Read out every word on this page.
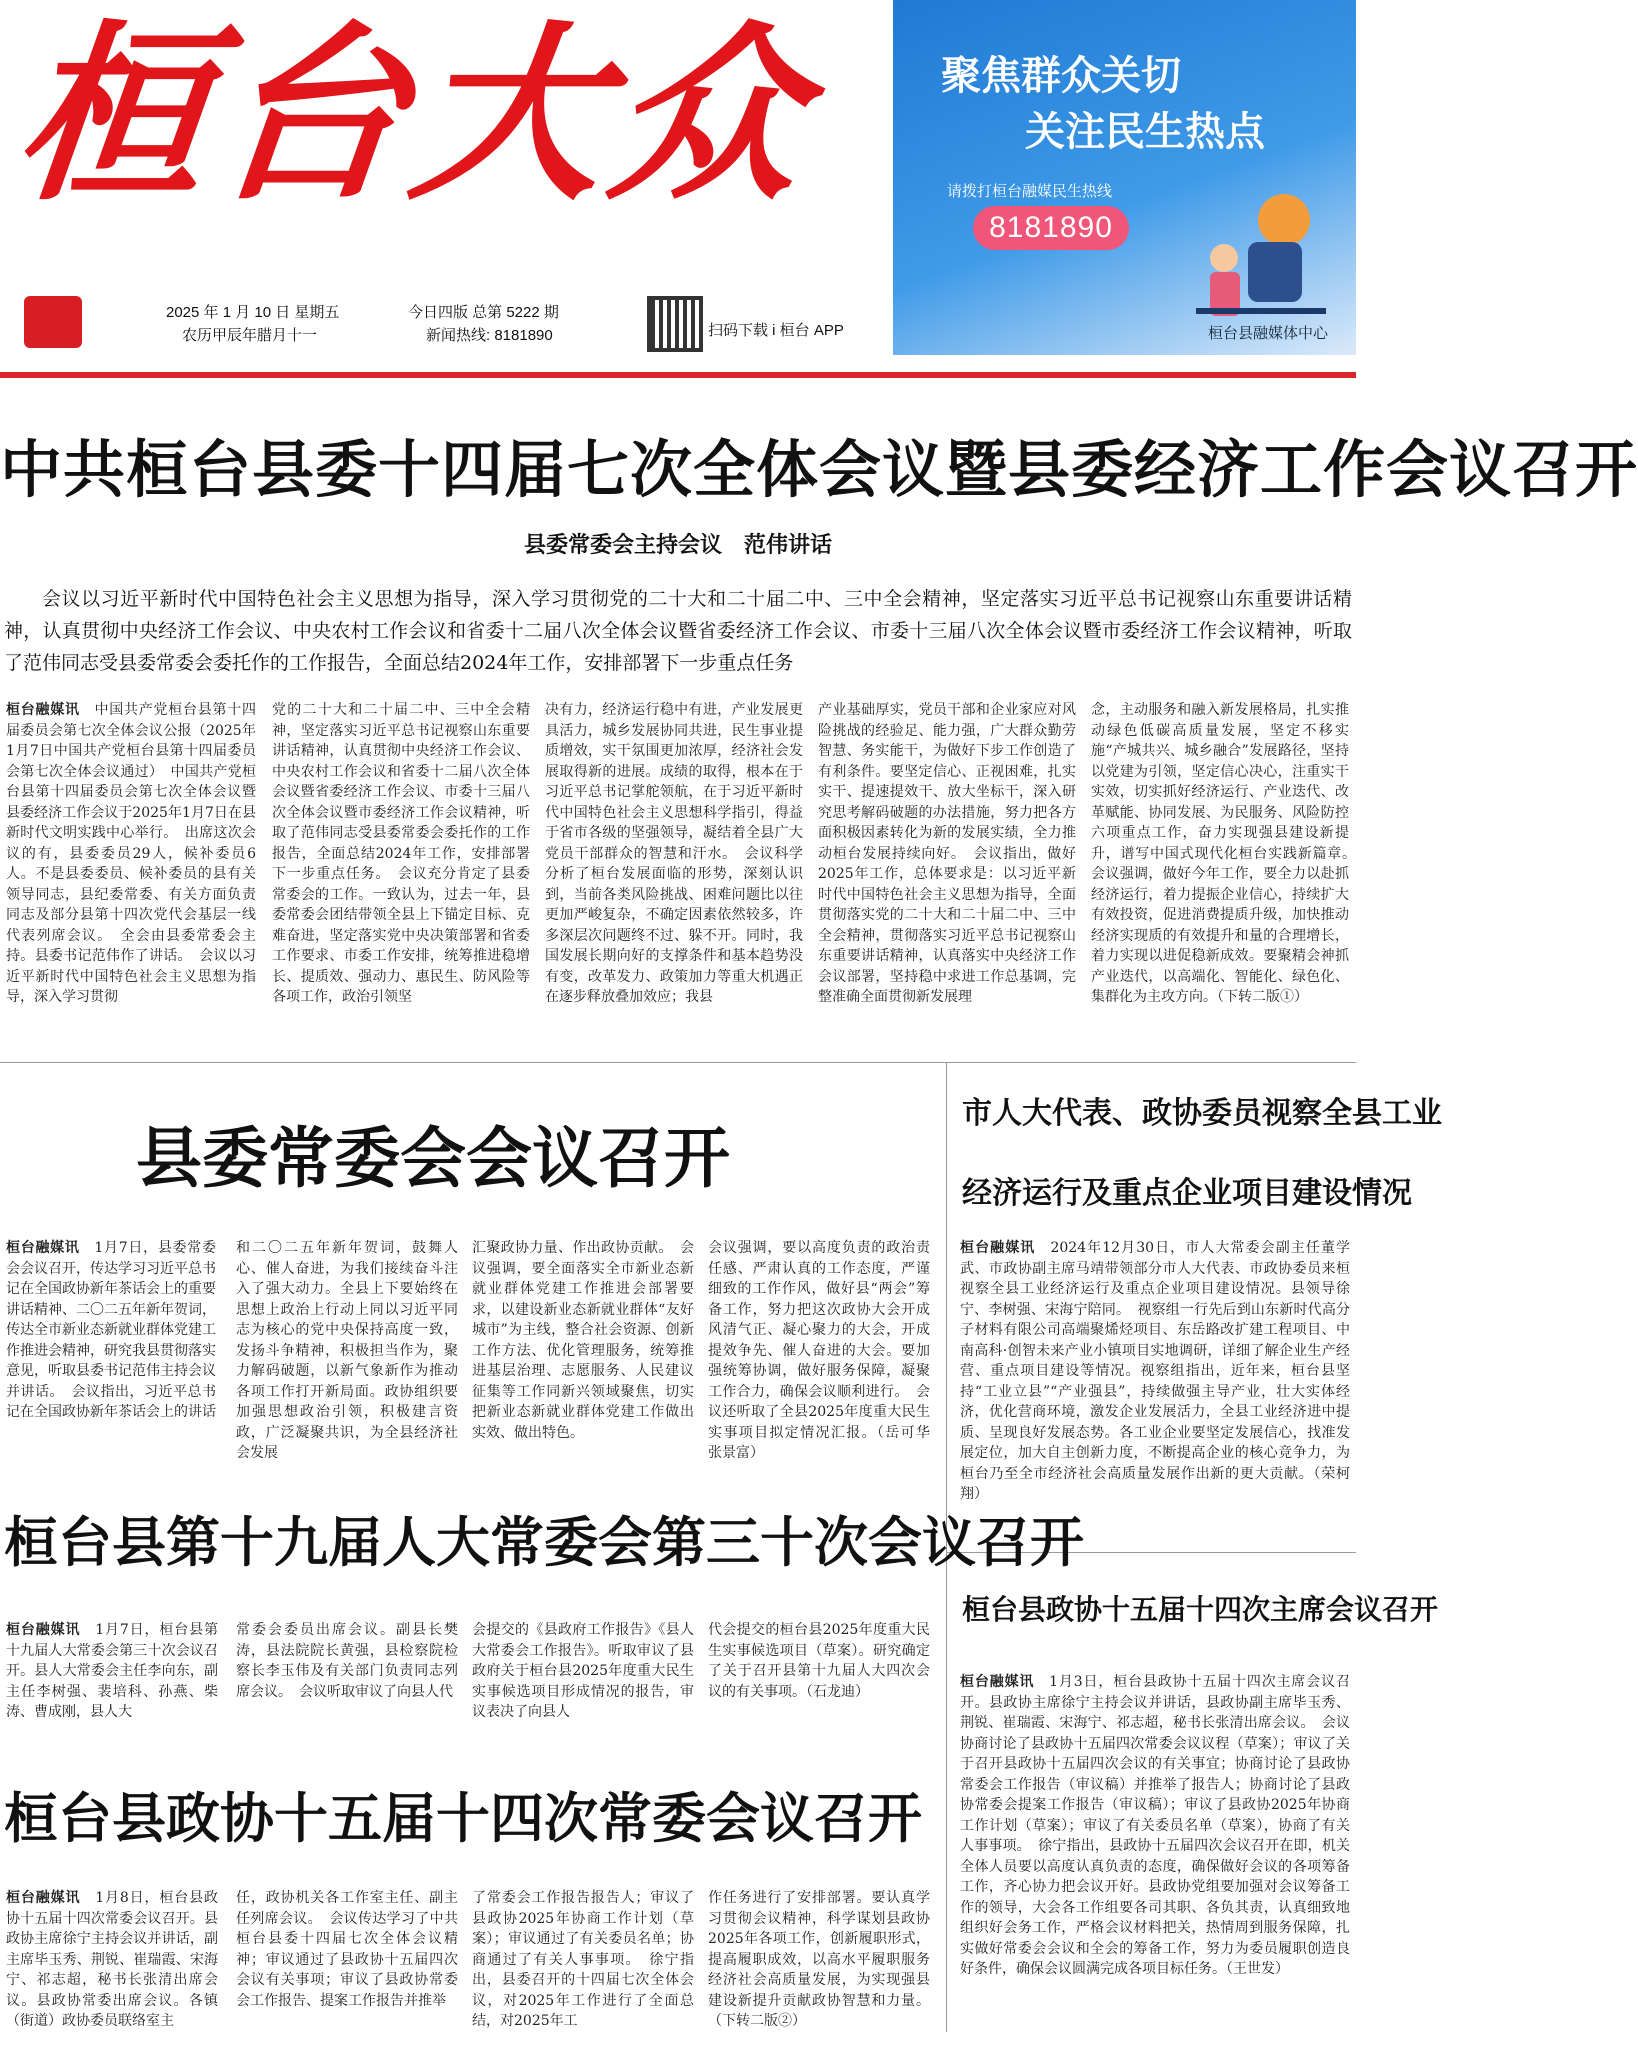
桓台大众	聚焦群众关切
关注民生热点
请拨打桓台融媒民生热线
8181890
桓台县融媒体中心
2025 年 1 月 10 日 星期五
农历甲辰年腊月十一
今日四版 总第 5222 期
新闻热线: 8181890	扫码下载 i 桓台 APP
中共桓台县委十四届七次全体会议暨县委经济工作会议召开
县委常委会主持会议　范伟讲话
会议以习近平新时代中国特色社会主义思想为指导，深入学习贯彻党的二十大和二十届二中、三中全会精神，坚定落实习近平总书记视察山东重要讲话精神，认真贯彻中央经济工作会议、中央农村工作会议和省委十二届八次全体会议暨省委经济工作会议、市委十三届八次全体会议暨市委经济工作会议精神，听取了范伟同志受县委常委会委托作的工作报告，全面总结2024年工作，安排部署下一步重点任务
桓台融媒讯　中国共产党桓台县第十四届委员会第七次全体会议公报（2025年1月7日中国共产党桓台县第十四届委员会第七次全体会议通过）　中国共产党桓台县第十四届委员会第七次全体会议暨县委经济工作会议于2025年1月7日在县新时代文明实践中心举行。　出席这次会议的有，县委委员29人，候补委员6人。不是县委委员、候补委员的县有关领导同志，县纪委常委、有关方面负责同志及部分县第十四次党代会基层一线代表列席会议。　全会由县委常委会主持。县委书记范伟作了讲话。　会议以习近平新时代中国特色社会主义思想为指导，深入学习贯彻
党的二十大和二十届二中、三中全会精神，坚定落实习近平总书记视察山东重要讲话精神，认真贯彻中央经济工作会议、中央农村工作会议和省委十二届八次全体会议暨省委经济工作会议、市委十三届八次全体会议暨市委经济工作会议精神，听取了范伟同志受县委常委会委托作的工作报告，全面总结2024年工作，安排部署下一步重点任务。　会议充分肯定了县委常委会的工作。一致认为，过去一年，县委常委会团结带领全县上下锚定目标、克难奋进，坚定落实党中央决策部署和省委工作要求、市委工作安排，统筹推进稳增长、提质效、强动力、惠民生、防风险等各项工作，政治引领坚
决有力，经济运行稳中有进，产业发展更具活力，城乡发展协同共进，民生事业提质增效，实干氛围更加浓厚，经济社会发展取得新的进展。成绩的取得，根本在于习近平总书记掌舵领航，在于习近平新时代中国特色社会主义思想科学指引，得益于省市各级的坚强领导，凝结着全县广大党员干部群众的智慧和汗水。　会议科学分析了桓台发展面临的形势，深刻认识到，当前各类风险挑战、困难问题比以往更加严峻复杂，不确定因素依然较多，许多深层次问题终不过、躲不开。同时，我国发展长期向好的支撑条件和基本趋势没有变，改革发力、政策加力等重大机遇正在逐步释放叠加效应；我县
产业基础厚实，党员干部和企业家应对风险挑战的经验足、能力强，广大群众勤劳智慧、务实能干，为做好下步工作创造了有利条件。要坚定信心、正视困难，扎实实干、提速提效干、放大坐标干，深入研究思考解码破题的办法措施，努力把各方面积极因素转化为新的发展实绩，全力推动桓台发展持续向好。　会议指出，做好2025年工作，总体要求是：以习近平新时代中国特色社会主义思想为指导，全面贯彻落实党的二十大和二十届二中、三中全会精神，贯彻落实习近平总书记视察山东重要讲话精神，认真落实中央经济工作会议部署，坚持稳中求进工作总基调，完整准确全面贯彻新发展理
念，主动服务和融入新发展格局，扎实推动绿色低碳高质量发展，坚定不移实施“产城共兴、城乡融合”发展路径，坚持以党建为引领，坚定信心决心，注重实干实效，切实抓好经济运行、产业迭代、改革赋能、协同发展、为民服务、风险防控六项重点工作，奋力实现强县建设新提升，谱写中国式现代化桓台实践新篇章。　会议强调，做好今年工作，要全力以赴抓经济运行，着力提振企业信心，持续扩大有效投资，促进消费提质升级，加快推动经济实现质的有效提升和量的合理增长，着力实现以进促稳新成效。要聚精会神抓产业迭代，以高端化、智能化、绿色化、集群化为主攻方向。（下转二版①）
县委常委会会议召开
桓台融媒讯　1月7日，县委常委会会议召开，传达学习习近平总书记在全国政协新年茶话会上的重要讲话精神、二〇二五年新年贺词，传达全市新业态新就业群体党建工作推进会精神，研究我县贯彻落实意见，听取县委书记范伟主持会议并讲话。　会议指出，习近平总书记在全国政协新年茶话会上的讲话
和二〇二五年新年贺词，鼓舞人心、催人奋进，为我们接续奋斗注入了强大动力。全县上下要始终在思想上政治上行动上同以习近平同志为核心的党中央保持高度一致，发扬斗争精神，积极担当作为，聚力解码破题，以新气象新作为推动各项工作打开新局面。政协组织要加强思想政治引领，积极建言资政，广泛凝聚共识，为全县经济社会发展
汇聚政协力量、作出政协贡献。　会议强调，要全面落实全市新业态新就业群体党建工作推进会部署要求，以建设新业态新就业群体“友好城市”为主线，整合社会资源、创新工作方法、优化管理服务，统筹推进基层治理、志愿服务、人民建议征集等工作同新兴领域聚焦，切实把新业态新就业群体党建工作做出实效、做出特色。
会议强调，要以高度负责的政治责任感、严肃认真的工作态度，严谨细致的工作作风，做好县“两会”筹备工作，努力把这次政协大会开成风清气正、凝心聚力的大会，开成提效争先、催人奋进的大会。要加强统筹协调，做好服务保障，凝聚工作合力，确保会议顺利进行。　会议还听取了全县2025年度重大民生实事项目拟定情况汇报。（岳可华　张景富）
市人大代表、政协委员视察全县工业
经济运行及重点企业项目建设情况
桓台融媒讯　2024年12月30日，市人大常委会副主任董学武、市政协副主席马靖带领部分市人大代表、市政协委员来桓视察全县工业经济运行及重点企业项目建设情况。县领导徐宁、李树强、宋海宁陪同。　视察组一行先后到山东新时代高分子材料有限公司高端聚烯烃项目、东岳路改扩建工程项目、中南高科·创智未来产业小镇项目实地调研，详细了解企业生产经营、重点项目建设等情况。视察组指出，近年来，桓台县坚持“工业立县”“产业强县”，持续做强主导产业，壮大实体经济，优化营商环境，激发企业发展活力，全县工业经济进中提质、呈现良好发展态势。各工业企业要坚定发展信心，找准发展定位，加大自主创新力度，不断提高企业的核心竞争力，为桓台乃至全市经济社会高质量发展作出新的更大贡献。（荣柯翔）
桓台县第十九届人大常委会第三十次会议召开
桓台融媒讯　1月7日，桓台县第十九届人大常委会第三十次会议召开。县人大常委会主任李向东，副主任李树强、裴培科、孙燕、柴涛、曹成刚，县人大
常委会委员出席会议。副县长樊涛，县法院院长黄强，县检察院检察长李玉伟及有关部门负责同志列席会议。　会议听取审议了向县人代
会提交的《县政府工作报告》《县人大常委会工作报告》。听取审议了县政府关于桓台县2025年度重大民生实事候选项目形成情况的报告，审议表决了向县人
代会提交的桓台县2025年度重大民生实事候选项目（草案）。研究确定了关于召开县第十九届人大四次会议的有关事项。（石龙迪）
桓台县政协十五届十四次主席会议召开
桓台融媒讯　1月3日，桓台县政协十五届十四次主席会议召开。县政协主席徐宁主持会议并讲话，县政协副主席毕玉秀、荆锐、崔瑞霞、宋海宁、祁志超，秘书长张清出席会议。　会议协商讨论了县政协十五届四次常委会议议程（草案）；审议了关于召开县政协十五届四次会议的有关事宜；协商讨论了县政协常委会工作报告（审议稿）并推举了报告人；协商讨论了县政协常委会提案工作报告（审议稿）；审议了县政协2025年协商工作计划（草案）；审议了有关委员名单（草案），协商了有关人事事项。　徐宁指出，县政协十五届四次会议召开在即，机关全体人员要以高度认真负责的态度，确保做好会议的各项筹备工作，齐心协力把会议开好。县政协党组要加强对会议筹备工作的领导，大会各工作组要各司其职、各负其责，认真细致地组织好会务工作，严格会议材料把关，热情周到服务保障，扎实做好常委会会议和全会的筹备工作，努力为委员履职创造良好条件，确保会议圆满完成各项目标任务。（王世发）
桓台县政协十五届十四次常委会议召开
桓台融媒讯　1月8日，桓台县政协十五届十四次常委会议召开。县政协主席徐宁主持会议并讲话，副主席毕玉秀、荆锐、崔瑞霞、宋海宁、祁志超，秘书长张清出席会议。县政协常委出席会议。各镇（街道）政协委员联络室主
任，政协机关各工作室主任、副主任列席会议。　会议传达学习了中共桓台县委十四届七次全体会议精神；审议通过了县政协十五届四次会议有关事项；审议了县政协常委会工作报告、提案工作报告并推举
了常委会工作报告报告人；审议了县政协2025年协商工作计划（草案）；审议通过了有关委员名单；协商通过了有关人事事项。　徐宁指出，县委召开的十四届七次全体会议，对2025年工作进行了全面总结，对2025年工
作任务进行了安排部署。要认真学习贯彻会议精神，科学谋划县政协2025年各项工作，创新履职形式，提高履职成效，以高水平履职服务经济社会高质量发展，为实现强县建设新提升贡献政协智慧和力量。（下转二版②）
